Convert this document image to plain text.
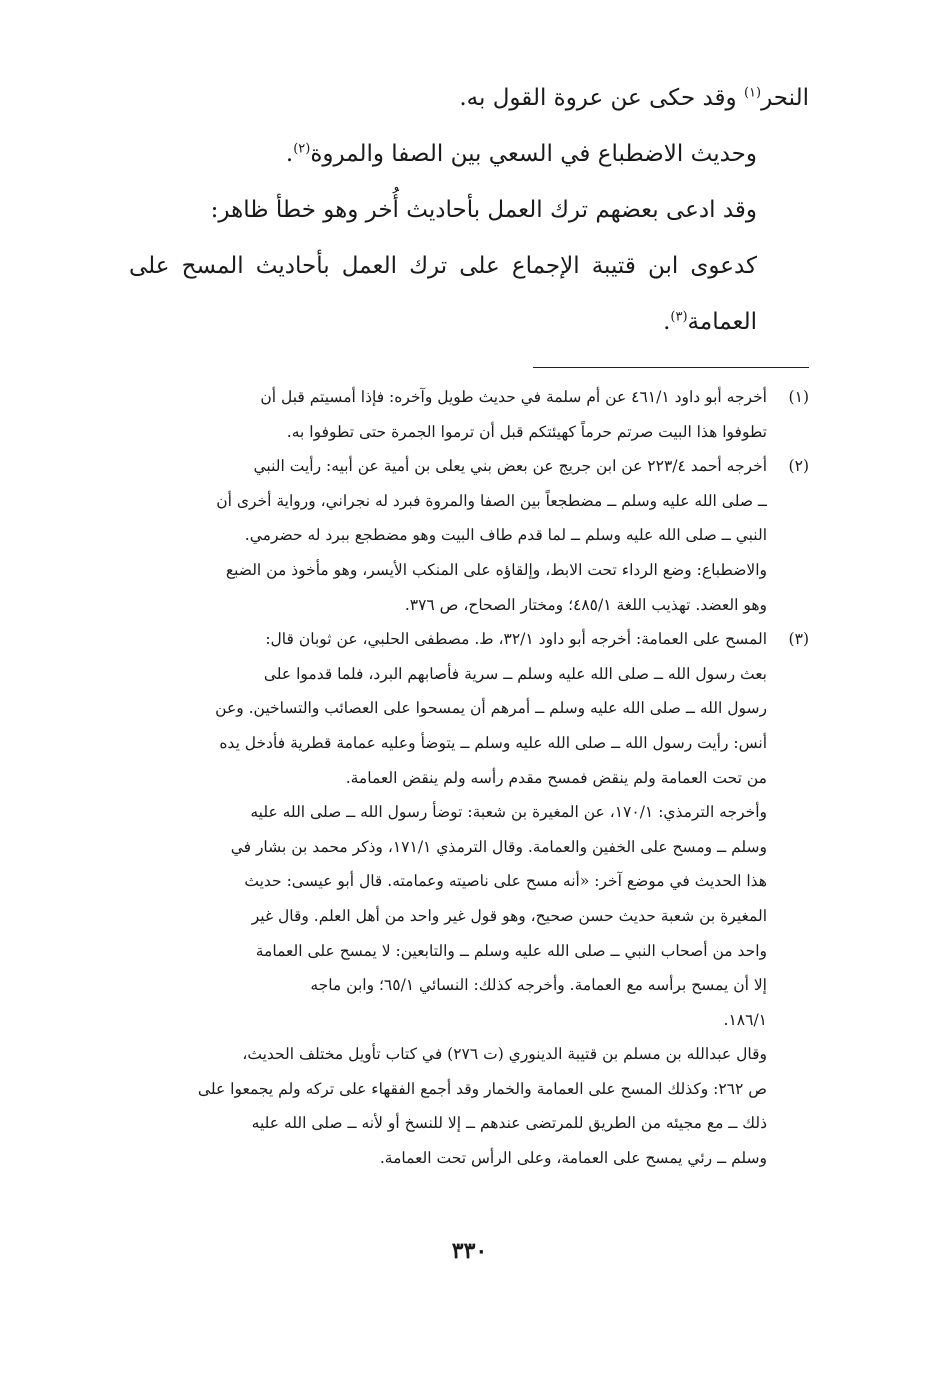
النحر$^{(١)}$ وقد حكى عن عروة القول به.

وحديث الاضطباع في السعي بين الصفا والمروة$^{(٢)}$.

وقد ادعى بعضهم ترك العمل بأحاديث أُخر وهو خطأ ظاهر:

كدعوى ابن قتيبة الإجماع على ترك العمل بأحاديث المسح على العمامة$^{(٣)}$.

(١)

أخرجه أبو داود ٤٦١/١ عن أم سلمة في حديث طويل وآخره: فإذا أمسيتم قبل أن

تطوفوا هذا البيت صرتم حرماً كهيئتكم قبل أن ترموا الجمرة حتى تطوفوا به.

(٢)

أخرجه أحمد ٢٢٣/٤ عن ابن جريج عن بعض بني يعلى بن أمية عن أبيه: رأيت النبي

ــ صلى الله عليه وسلم ــ مضطجعاً بين الصفا والمروة فبرد له نجراني، ورواية أخرى أن

النبي ــ صلى الله عليه وسلم ــ لما قدم طاف البيت وهو مضطجع ببرد له حضرمي.

والاضطباع: وضع الرداء تحت الابط، وإلقاؤه على المنكب الأيسر، وهو مأخوذ من الضبع

وهو العضد. تهذيب اللغة ٤٨٥/١؛ ومختار الصحاح، ص ٣٧٦.

(٣)

المسح على العمامة: أخرجه أبو داود ٣٢/١، ط. مصطفى الحلبي، عن ثوبان قال:

بعث رسول الله ــ صلى الله عليه وسلم ــ سرية فأصابهم البرد، فلما قدموا على

رسول الله ــ صلى الله عليه وسلم ــ أمرهم أن يمسحوا على العصائب والتساخين. وعن

أنس: رأيت رسول الله ــ صلى الله عليه وسلم ــ يتوضأ وعليه عمامة قطرية فأدخل يده

من تحت العمامة ولم ينقض فمسح مقدم رأسه ولم ينقض العمامة.

وأخرجه الترمذي: ١٧٠/١، عن المغيرة بن شعبة: توضأ رسول الله ــ صلى الله عليه

وسلم ــ ومسح على الخفين والعمامة. وقال الترمذي ١٧١/١، وذكر محمد بن بشار في

هذا الحديث في موضع آخر: «أنه مسح على ناصيته وعمامته. قال أبو عيسى: حديث

المغيرة بن شعبة حديث حسن صحيح، وهو قول غير واحد من أهل العلم. وقال غير

واحد من أصحاب النبي ــ صلى الله عليه وسلم ــ والتابعين: لا يمسح على العمامة

إلا أن يمسح برأسه مع العمامة. وأخرجه كذلك: النسائي ٦٥/١؛ وابن ماجه

١٨٦/١.

وقال عبدالله بن مسلم بن قتيبة الدينوري (ت ٢٧٦) في كتاب تأويل مختلف الحديث،

ص ٢٦٢: وكذلك المسح على العمامة والخمار وقد أجمع الفقهاء على تركه ولم يجمعوا على

ذلك ــ مع مجيئه من الطريق للمرتضى عندهم ــ إلا للنسخ أو لأنه ــ صلى الله عليه

وسلم ــ رئي يمسح على العمامة، وعلى الرأس تحت العمامة.

٣٣٠
